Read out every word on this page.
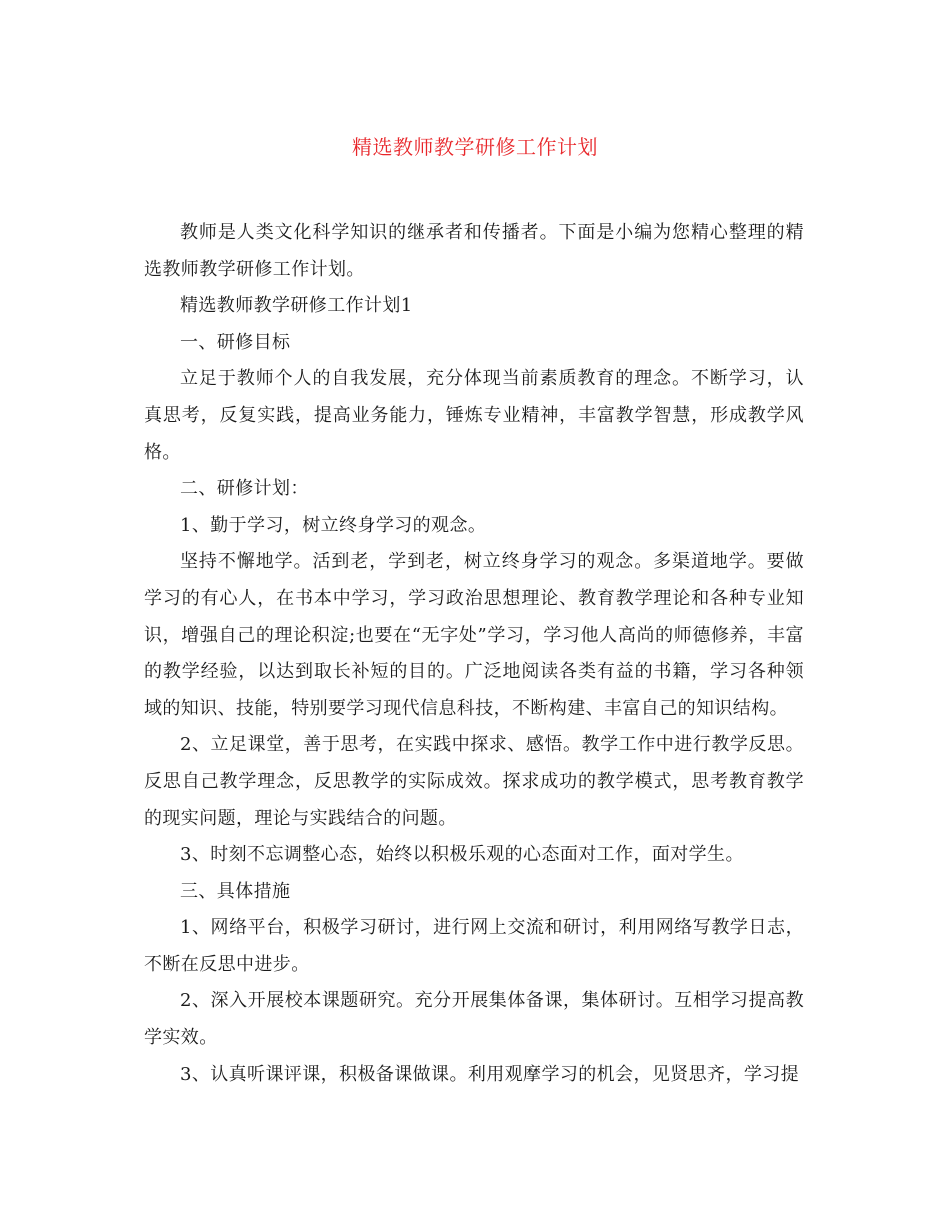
精选教师教学研修工作计划

教师是人类文化科学知识的继承者和传播者。下面是小编为您精心整理的精选教师教学研修工作计划。

精选教师教学研修工作计划1

一、研修目标

立足于教师个人的自我发展，充分体现当前素质教育的理念。不断学习，认真思考，反复实践，提高业务能力，锤炼专业精神，丰富教学智慧，形成教学风格。

二、研修计划：

1、勤于学习，树立终身学习的观念。

坚持不懈地学。活到老，学到老，树立终身学习的观念。多渠道地学。要做学习的有心人，在书本中学习，学习政治思想理论、教育教学理论和各种专业知识，增强自己的理论积淀;也要在“无字处”学习，学习他人高尚的师德修养，丰富的教学经验，以达到取长补短的目的。广泛地阅读各类有益的书籍，学习各种领域的知识、技能，特别要学习现代信息科技，不断构建、丰富自己的知识结构。

2、立足课堂，善于思考，在实践中探求、感悟。教学工作中进行教学反思。反思自己教学理念，反思教学的实际成效。探求成功的教学模式，思考教育教学的现实问题，理论与实践结合的问题。

3、时刻不忘调整心态，始终以积极乐观的心态面对工作，面对学生。

三、具体措施

1、网络平台，积极学习研讨，进行网上交流和研讨，利用网络写教学日志，不断在反思中进步。

2、深入开展校本课题研究。充分开展集体备课，集体研讨。互相学习提高教学实效。

3、认真听课评课，积极备课做课。利用观摩学习的机会，见贤思齐，学习提
